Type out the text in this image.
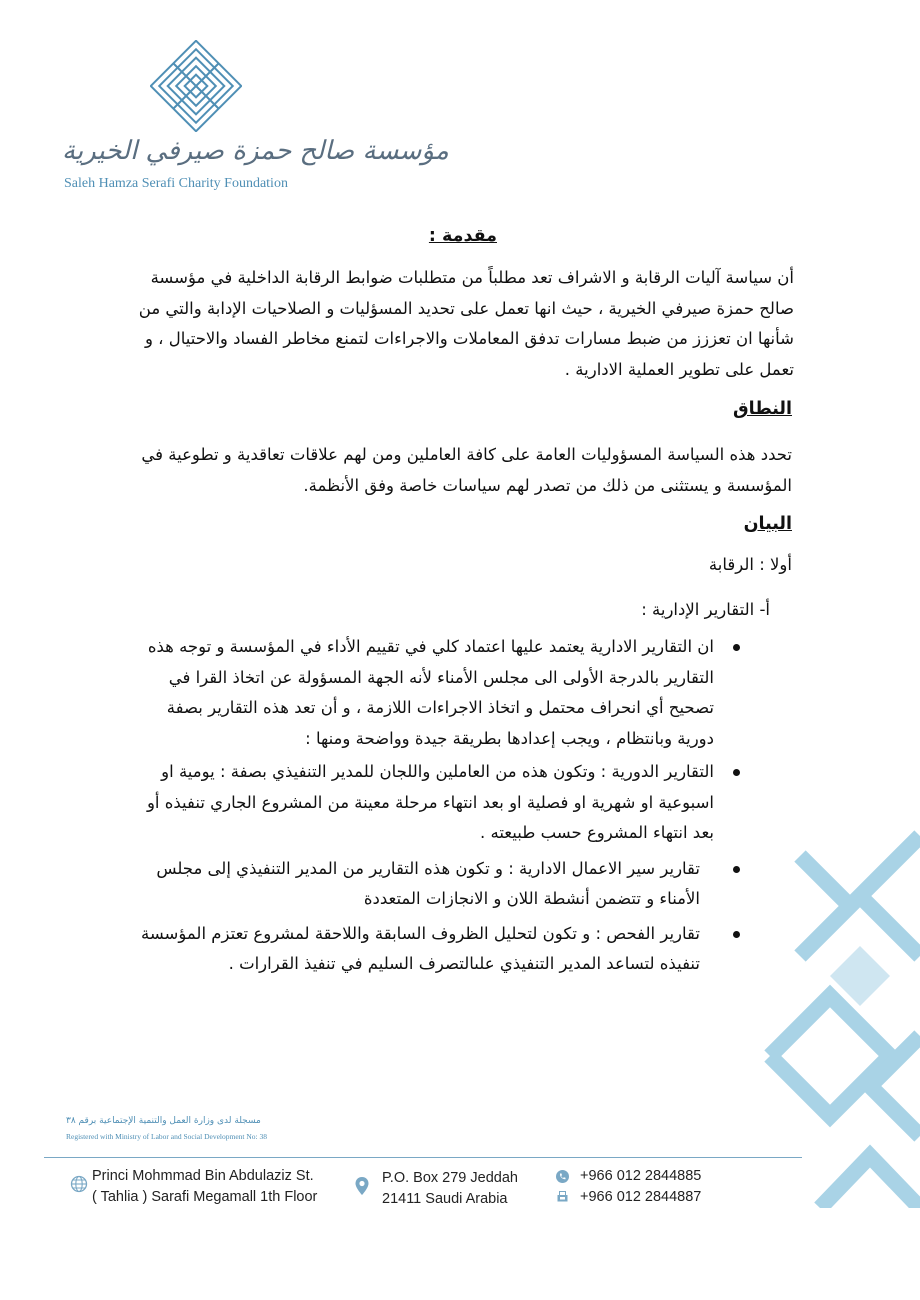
مؤسسة صالح حمزة صيرفي الخيرية
Saleh Hamza Serafi Charity Foundation
مقدمة :
أن سياسة آليات الرقابة و الاشراف تعد مطلباً من متطلبات ضوابط الرقابة الداخلية في مؤسسة صالح حمزة صيرفي الخيرية ، حيث انها تعمل على تحديد المسؤليات و الصلاحيات الإدابة والتي من شأنها ان تعززز من ضبط مسارات تدفق المعاملات والاجراءات لتمنع مخاطر الفساد والاحتيال ، و تعمل على تطوير العملية الادارية .
النطاق
تحدد هذه السياسة المسؤوليات العامة على كافة العاملين ومن لهم علاقات تعاقدية و تطوعية في المؤسسة و يستثنى من ذلك من تصدر لهم سياسات خاصة وفق الأنظمة.
البيان
أولا : الرقابة
أ- التقارير الإدارية :
ان التقارير الادارية يعتمد عليها اعتماد كلي في تقييم الأداء في المؤسسة و توجه هذه التقارير بالدرجة الأولى الى مجلس الأمناء لأنه الجهة المسؤولة عن اتخاذ القرا في تصحيح أي انحراف محتمل و اتخاذ الاجراءات اللازمة ، و أن تعد هذه التقارير بصفة دورية وبانتظام ، ويجب إعدادها بطريقة جيدة وواضحة ومنها :
التقارير الدورية : وتكون هذه من العاملين واللجان للمدير التنفيذي بصفة : يومية او اسبوعية او شهرية او فصلية او بعد انتهاء مرحلة معينة من المشروع الجاري تنفيذه أو بعد انتهاء المشروع حسب طبيعته .
تقارير سير الاعمال الادارية : و تكون هذه التقارير من المدير التنفيذي إلى مجلس الأمناء و تتضمن أنشطة اللان و الانجازات المتعددة
تقارير الفحص : و تكون لتحليل الظروف السابقة واللاحقة لمشروع تعتزم المؤسسة تنفيذه لتساعد المدير التنفيذي علىالتصرف السليم في تنفيذ القرارات .
مسجلة لدى وزارة العمل والتنمية الإجتماعية برقم ٣٨
Registered with Ministry of Labor and Social Development No: 38
Princi Mohmmad Bin Abdulaziz St.
( Tahlia ) Sarafi Megamall 1th Floor
P.O. Box 279 Jeddah
21411 Saudi Arabia
+966 012 2844885
+966 012 2844887
